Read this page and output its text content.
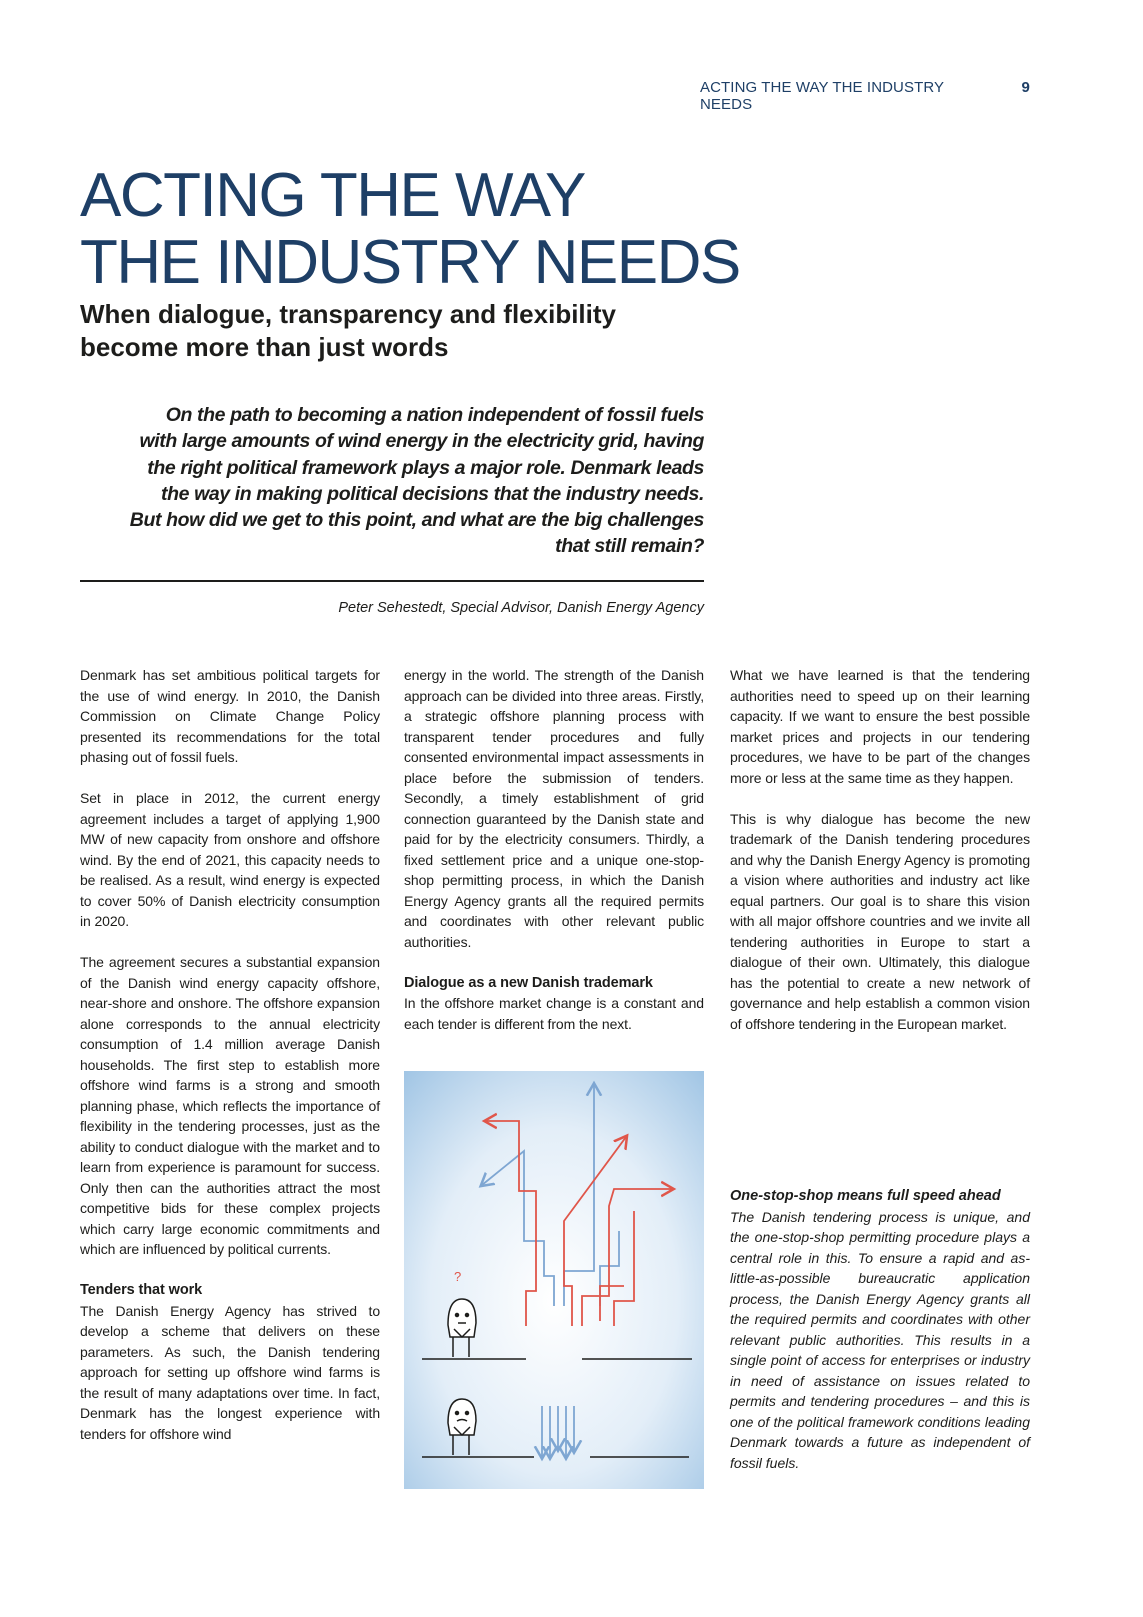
ACTING THE WAY THE INDUSTRY NEEDS
9
ACTING THE WAY
THE INDUSTRY NEEDS
When dialogue, transparency and flexibility
become more than just words
On the path to becoming a nation independent of fossil fuels
with large amounts of wind energy in the electricity grid, having
the right political framework plays a major role. Denmark leads
the way in making political decisions that the industry needs.
But how did we get to this point, and what are the big challenges
that still remain?
Peter Sehestedt, Special Advisor, Danish Energy Agency

Denmark has set ambitious political targets for the use of wind energy. In 2010, the Danish Commission on Climate Change Policy presented its recommendations for the total phasing out of fossil fuels.

Set in place in 2012, the current energy agreement includes a target of applying 1,900 MW of new capacity from onshore and offshore wind. By the end of 2021, this capacity needs to be realised. As a result, wind energy is expected to cover 50% of Danish electricity consumption in 2020.

The agreement secures a substantial expansion of the Danish wind energy capacity offshore, near-shore and onshore. The offshore expansion alone corresponds to the annual electricity consumption of 1.4 million average Danish households. The first step to establish more offshore wind farms is a strong and smooth planning phase, which reflects the importance of flexibility in the tendering processes, just as the ability to conduct dialogue with the market and to learn from experience is paramount for success. Only then can the authorities attract the most competitive bids for these complex projects which carry large economic commitments and which are influenced by political currents.

Tenders that work

The Danish Energy Agency has strived to develop a scheme that delivers on these parameters. As such, the Danish tendering approach for setting up offshore wind farms is the result of many adaptations over time. In fact, Denmark has the longest experience with tenders for offshore wind

energy in the world. The strength of the Danish approach can be divided into three areas. Firstly, a strategic offshore planning process with transparent tender procedures and fully consented environmental impact assessments in place before the submission of tenders. Secondly, a timely establishment of grid connection guaranteed by the Danish state and paid for by the electricity consumers. Thirdly, a fixed settlement price and a unique one-stop-shop permitting process, in which the Danish Energy Agency grants all the required permits and coordinates with other relevant public authorities.

Dialogue as a new Danish trademark

In the offshore market change is a constant and each tender is different from the next.

What we have learned is that the tendering authorities need to speed up on their learning capacity. If we want to ensure the best possible market prices and projects in our tendering procedures, we have to be part of the changes more or less at the same time as they happen.

This is why dialogue has become the new trademark of the Danish tendering procedures and why the Danish Energy Agency is promoting a vision where authorities and industry act like equal partners. Our goal is to share this vision with all major offshore countries and we invite all tendering authorities in Europe to start a dialogue of their own. Ultimately, this dialogue has the potential to create a new network of governance and help establish a common vision of offshore tendering in the European market.

?
One-stop-shop means full speed ahead

The Danish tendering process is unique, and the one-stop-shop permitting procedure plays a central role in this. To ensure a rapid and as-little-as-possible bureaucratic application process, the Danish Energy Agency grants all the required permits and coordinates with other relevant public authorities. This results in a single point of access for enterprises or industry in need of assistance on issues related to permits and tendering procedures – and this is one of the political framework conditions leading Denmark towards a future as independent of fossil fuels.
